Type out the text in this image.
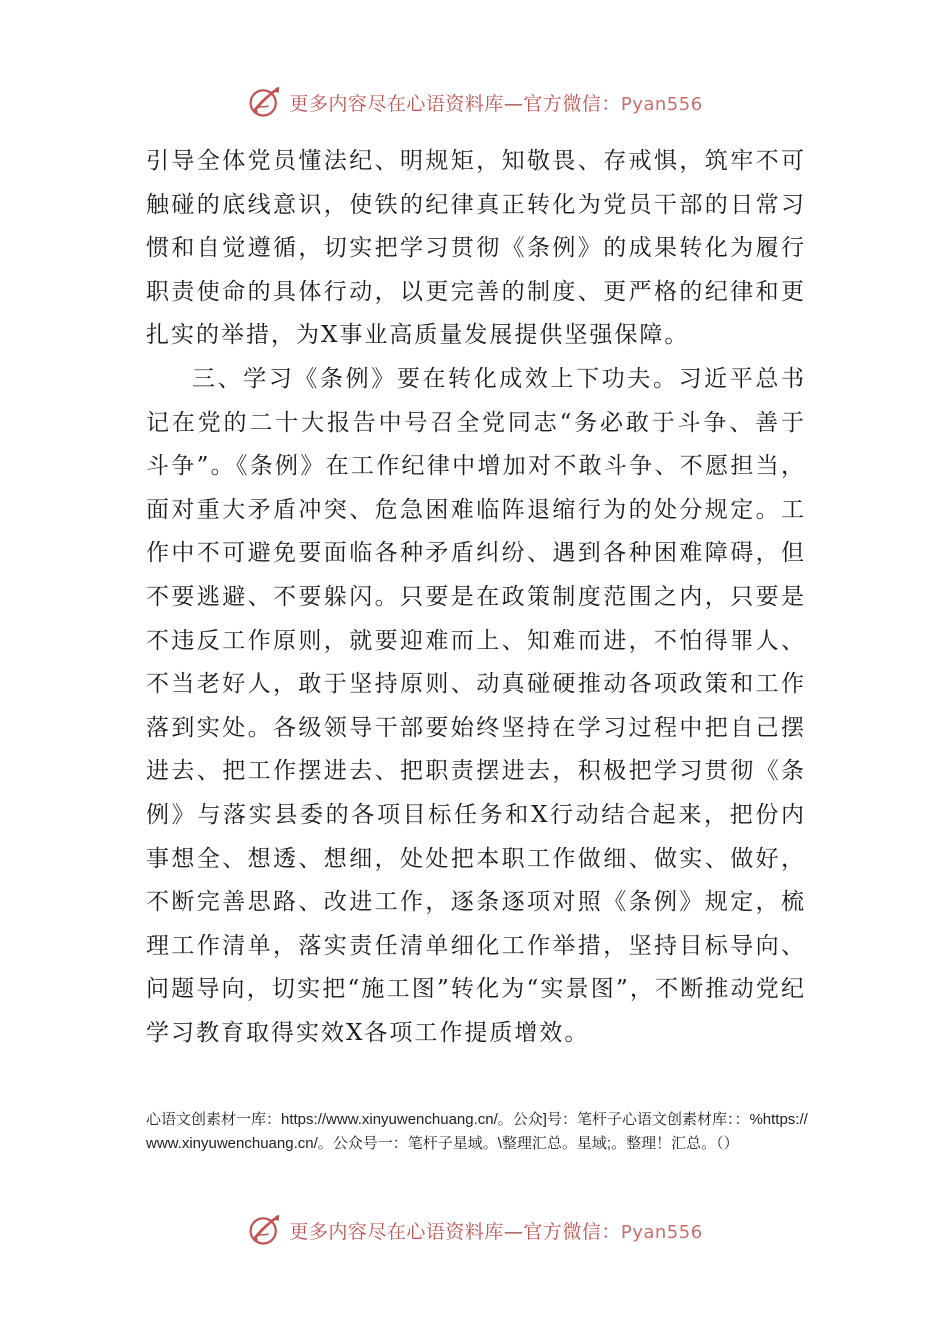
更多内容尽在心语资料库—官方微信：Pyan556

引导全体党员懂法纪、明规矩，知敬畏、存戒惧，筑牢不可触碰的底线意识，使铁的纪律真正转化为党员干部的日常习惯和自觉遵循，切实把学习贯彻《条例》的成果转化为履行职责使命的具体行动，以更完善的制度、更严格的纪律和更扎实的举措，为X事业高质量发展提供坚强保障。

三、学习《条例》要在转化成效上下功夫。习近平总书记在党的二十大报告中号召全党同志“务必敢于斗争、善于斗争”。《条例》在工作纪律中增加对不敢斗争、不愿担当，面对重大矛盾冲突、危急困难临阵退缩行为的处分规定。工作中不可避免要面临各种矛盾纠纷、遇到各种困难障碍，但不要逃避、不要躲闪。只要是在政策制度范围之内，只要是不违反工作原则，就要迎难而上、知难而进，不怕得罪人、不当老好人，敢于坚持原则、动真碰硬推动各项政策和工作落到实处。各级领导干部要始终坚持在学习过程中把自己摆进去、把工作摆进去、把职责摆进去，积极把学习贯彻《条例》与落实县委的各项目标任务和X行动结合起来，把份内事想全、想透、想细，处处把本职工作做细、做实、做好，不断完善思路、改进工作，逐条逐项对照《条例》规定，梳理工作清单，落实责任清单细化工作举措，坚持目标导向、问题导向，切实把“施工图”转化为“实景图”，不断推动党纪学习教育取得实效X各项工作提质增效。

心语文创素材一库：https://www.xinyuwenchuang.cn/。公众]号：笔杆子心语文创素材库：：%https://www.xinyuwenchuang.cn/。公众号一：笔杆子星域。\整理汇总。星域;。整理！汇总。（）
更多内容尽在心语资料库—官方微信：Pyan556
